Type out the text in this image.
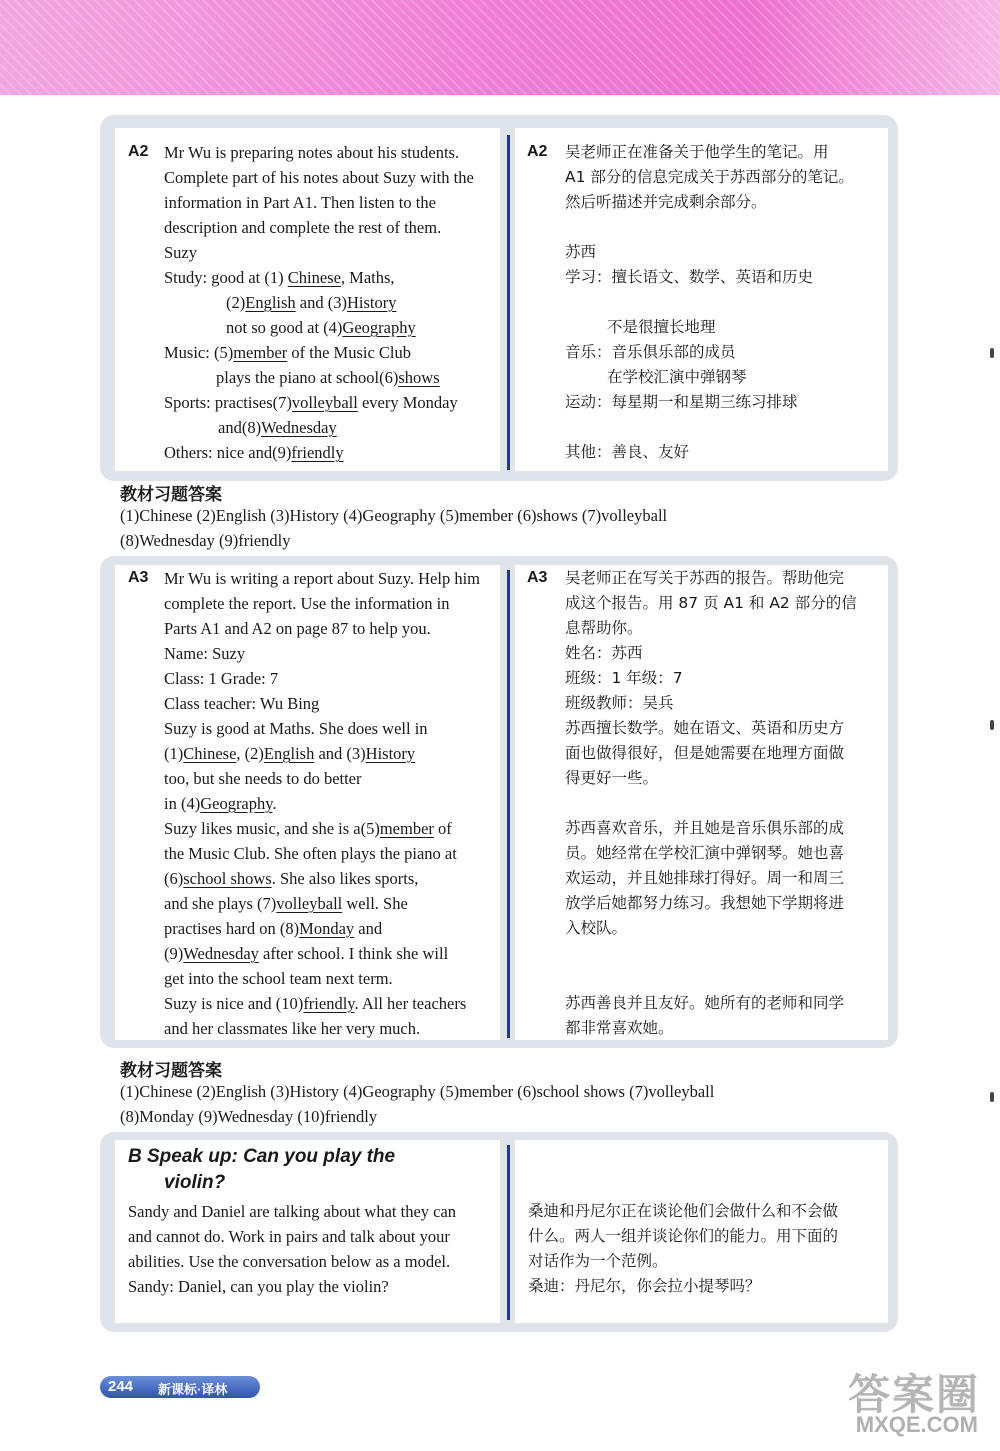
A2 Mr Wu is preparing notes about his students.
Complete part of his notes about Suzy with the
information in Part A1. Then listen to the
description and complete the rest of them.
Suzy
Study: good at (1) Chinese, Maths,
(2)English and (3)History
not so good at (4)Geography
Music: (5)member of the Music Club
plays the piano at school(6)shows
Sports: practises(7)volleyball every Monday
and(8)Wednesday
Others: nice and(9)friendly
A2 吴老师正在准备关于他学生的笔记。用
A1 部分的信息完成关于苏西部分的笔记。
然后听描述并完成剩余部分。
苏西
学习：擅长语文、数学、英语和历史
不是很擅长地理
音乐：音乐俱乐部的成员
在学校汇演中弹钢琴
运动：每星期一和星期三练习排球
其他：善良、友好
教材习题答案
(1)Chinese (2)English (3)History (4)Geography (5)member (6)shows (7)volleyball
(8)Wednesday (9)friendly
A3 Mr Wu is writing a report about Suzy. Help him
complete the report. Use the information in
Parts A1 and A2 on page 87 to help you.
Name: Suzy
Class: 1 Grade: 7
Class teacher: Wu Bing
Suzy is good at Maths. She does well in
(1)Chinese, (2)English and (3)History
too, but she needs to do better
in (4)Geography.
Suzy likes music, and she is a(5)member of
the Music Club. She often plays the piano at
(6)school shows. She also likes sports,
and she plays (7)volleyball well. She
practises hard on (8)Monday and
(9)Wednesday after school. I think she will
get into the school team next term.
Suzy is nice and (10)friendly. All her teachers
and her classmates like her very much.
A3 吴老师正在写关于苏西的报告。帮助他完
成这个报告。用 87 页 A1 和 A2 部分的信
息帮助你。
姓名：苏西
班级：1 年级：7
班级教师：吴兵
苏西擅长数学。她在语文、英语和历史方
面也做得很好，但是她需要在地理方面做
得更好一些。
苏西喜欢音乐，并且她是音乐俱乐部的成
员。她经常在学校汇演中弹钢琴。她也喜
欢运动，并且她排球打得好。周一和周三
放学后她都努力练习。我想她下学期将进
入校队。
苏西善良并且友好。她所有的老师和同学
都非常喜欢她。
教材习题答案
(1)Chinese (2)English (3)History (4)Geography (5)member (6)school shows (7)volleyball
(8)Monday (9)Wednesday (10)friendly
B Speak up: Can you play the
violin?
Sandy and Daniel are talking about what they can
and cannot do. Work in pairs and talk about your
abilities. Use the conversation below as a model.
Sandy: Daniel, can you play the violin?
桑迪和丹尼尔正在谈论他们会做什么和不会做
什么。两人一组并谈论你们的能力。用下面的
对话作为一个范例。
桑迪：丹尼尔，你会拉小提琴吗？
244 新课标·译林	答案圈
MXQE.COM
